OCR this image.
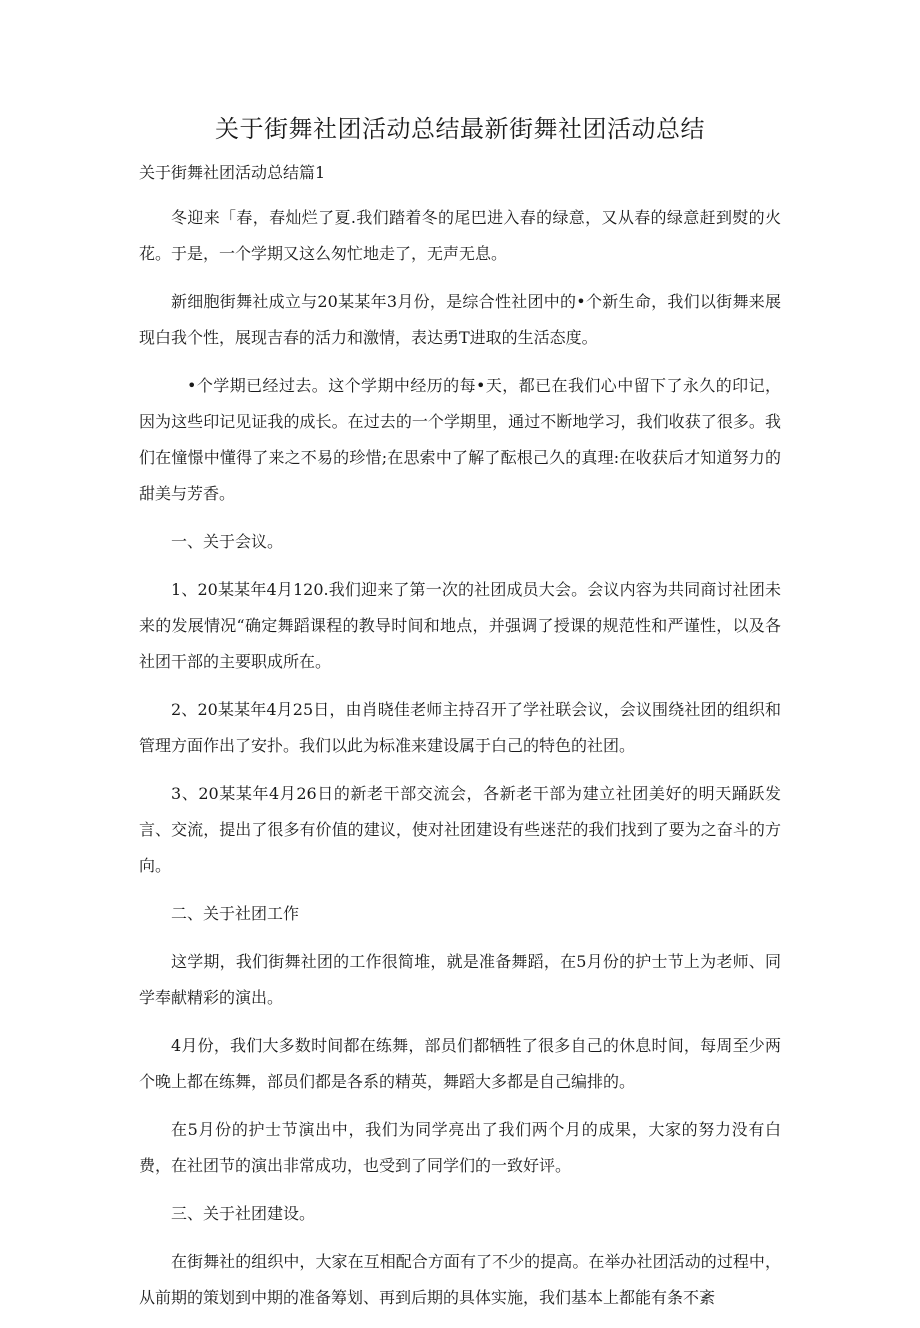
关于街舞社团活动总结最新街舞社团活动总结

关于街舞社团活动总结篇1

冬迎来「春，春灿烂了夏.我们踏着冬的尾巴进入春的绿意，又从春的绿意赶到熨的火花。于是，一个学期又这么匆忙地走了，无声无息。

新细胞街舞社成立与20某某年3月份，是综合性社团中的•个新生命，我们以街舞来展现白我个性，展现吉春的活力和激情，表达勇T进取的生活态度。

•个学期已经过去。这个学期中经历的每•天，都已在我们心中留下了永久的印记，因为这些印记见证我的成长。在过去的一个学期里，通过不断地学习，我们收获了很多。我们在憧憬中懂得了来之不易的珍惜;在思索中了解了酝根己久的真理:在收获后才知道努力的甜美与芳香。

一、关于会议。

1、20某某年4月120.我们迎来了第一次的社团成员大会。会议内容为共同商讨社团未来的发展情况“确定舞蹈课程的教导时间和地点，并强调了授课的规范性和严谨性，以及各社团干部的主要职成所在。

2、20某某年4月25日，由肖晓佳老师主持召开了学社联会议，会议围绕社团的组织和管理方面作出了安扑。我们以此为标准来建设属于白己的特色的社团。

3、20某某年4月26日的新老干部交流会，各新老干部为建立社团美好的明天踊跃发言、交流，提出了很多有价值的建议，使对社团建设有些迷茫的我们找到了要为之奋斗的方向。

二、关于社团工作

这学期，我们街舞社团的工作很简堆，就是准备舞蹈，在5月份的护士节上为老师、同学奉献精彩的演出。

4月份，我们大多数时间都在练舞，部员们都牺牲了很多自己的休息时间，每周至少两个晚上都在练舞，部员们都是各系的精英，舞蹈大多都是自己编排的。

在5月份的护士节演出中，我们为同学亮出了我们两个月的成果，大家的努力没有白费，在社团节的演出非常成功，也受到了同学们的一致好评。

三、关于社团建设。

在街舞社的组织中，大家在互相配合方面有了不少的提高。在举办社团活动的过程中，从前期的策划到中期的准备筹划、再到后期的具体实施，我们基本上都能有条不紊
